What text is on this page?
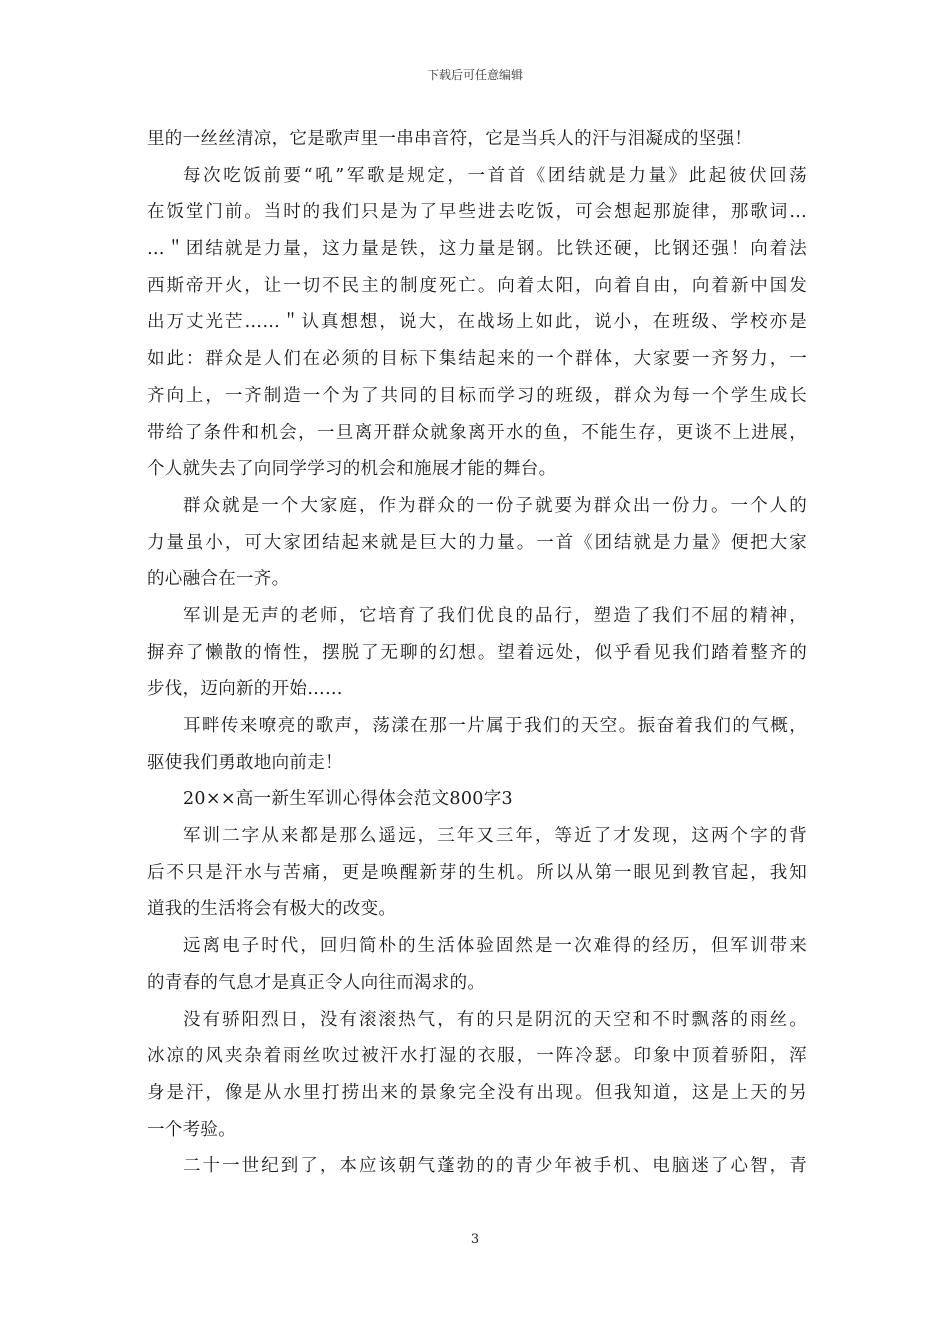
下载后可任意编辑
里的一丝丝清凉，它是歌声里一串串音符，它是当兵人的汗与泪凝成的坚强！
每次吃饭前要“吼”军歌是规定，一首首《团结就是力量》此起彼伏回荡
在饭堂门前。当时的我们只是为了早些进去吃饭，可会想起那旋律，那歌词…
…＂团结就是力量，这力量是铁，这力量是钢。比铁还硬，比钢还强！向着法
西斯帝开火，让一切不民主的制度死亡。向着太阳，向着自由，向着新中国发
出万丈光芒……＂认真想想，说大，在战场上如此，说小，在班级、学校亦是
如此：群众是人们在必须的目标下集结起来的一个群体，大家要一齐努力，一
齐向上，一齐制造一个为了共同的目标而学习的班级，群众为每一个学生成长
带给了条件和机会，一旦离开群众就象离开水的鱼，不能生存，更谈不上进展，
个人就失去了向同学学习的机会和施展才能的舞台。
群众就是一个大家庭，作为群众的一份子就要为群众出一份力。一个人的
力量虽小，可大家团结起来就是巨大的力量。一首《团结就是力量》便把大家
的心融合在一齐。
军训是无声的老师，它培育了我们优良的品行，塑造了我们不屈的精神，
摒弃了懒散的惰性，摆脱了无聊的幻想。望着远处，似乎看见我们踏着整齐的
步伐，迈向新的开始……
耳畔传来嘹亮的歌声，荡漾在那一片属于我们的天空。振奋着我们的气概，
驱使我们勇敢地向前走！
20××高一新生军训心得体会范文800字3
军训二字从来都是那么遥远，三年又三年，等近了才发现，这两个字的背
后不只是汗水与苦痛，更是唤醒新芽的生机。所以从第一眼见到教官起，我知
道我的生活将会有极大的改变。
远离电子时代，回归简朴的生活体验固然是一次难得的经历，但军训带来
的青春的气息才是真正令人向往而渴求的。
没有骄阳烈日，没有滚滚热气，有的只是阴沉的天空和不时飘落的雨丝。
冰凉的风夹杂着雨丝吹过被汗水打湿的衣服，一阵冷瑟。印象中顶着骄阳，浑
身是汗，像是从水里打捞出来的景象完全没有出现。但我知道，这是上天的另
一个考验。
二十一世纪到了，本应该朝气蓬勃的的青少年被手机、电脑迷了心智，青
3
